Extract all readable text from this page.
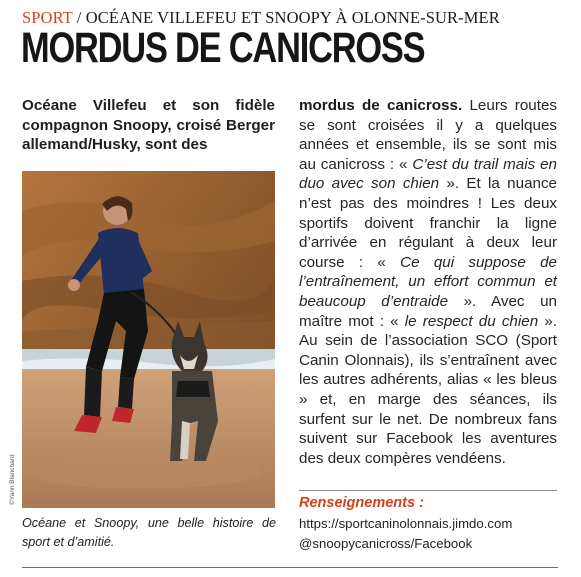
SPORT / OCÉANE VILLEFEU ET SNOOPY À OLONNE-SUR-MER
MORDUS DE CANICROSS
Océane Villefeu et son fidèle compagnon Snoopy, croisé Berger allemand/Husky, sont des
©Yann Blanchard
Océane et Snoopy, une belle histoire de sport et d’amitié.
mordus de canicross. Leurs routes se sont croisées il y a quelques années et ensemble, ils se sont mis au canicross : « C’est du trail mais en duo avec son chien ». Et la nuance n’est pas des moindres ! Les deux sportifs doivent franchir la ligne d’arrivée en régulant à deux leur course : « Ce qui suppose de l’entraînement, un effort commun et beaucoup d’entraide ». Avec un maître mot : « le respect du chien ». Au sein de l’association SCO (Sport Canin Olonnais), ils s’entraînent avec les autres adhérents, alias « les bleus » et, en marge des séances, ils surfent sur le net. De nombreux fans suivent sur Facebook les aventures des deux compères vendéens.
Renseignements :
https://sportcaninolonnais.jimdo.com
@snoopycanicross/Facebook
